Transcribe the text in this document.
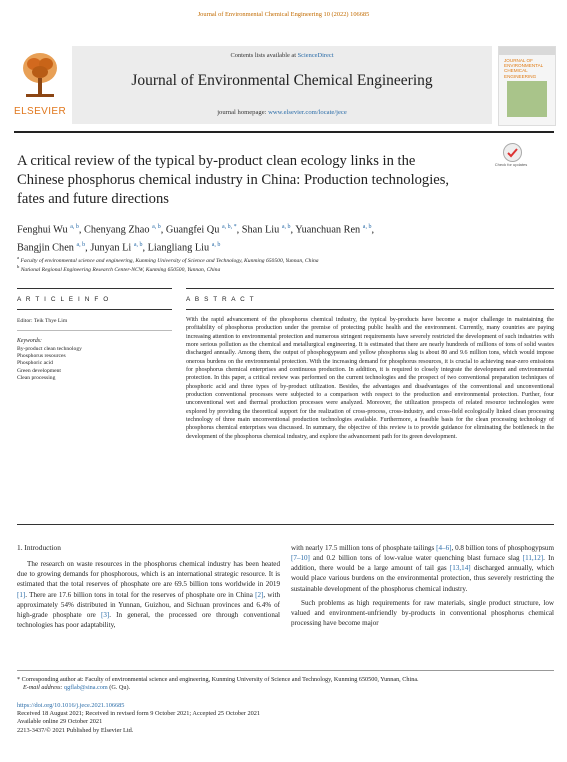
Journal of Environmental Chemical Engineering 10 (2022) 106685
ELSEVIER
Contents lists available at ScienceDirect
Journal of Environmental Chemical Engineering
journal homepage: www.elsevier.com/locate/jece
JOURNAL OF ENVIRONMENTAL CHEMICAL ENGINEERING
A critical review of the typical by-product clean ecology links in the
Chinese phosphorus chemical industry in China: Production technologies,
fates and future directions
Check for updates
Fenghui Wu $^{a, b}$, Chenyang Zhao $^{a, b}$, Guangfei Qu $^{a, b, *}$, Shan Liu $^{a, b}$, Yuanchuan Ren $^{a, b}$,
Bangjin Chen $^{a, b}$, Junyan Li $^{a, b}$, Liangliang Liu $^{a, b}$
$^a$ Faculty of environmental science and engineering, Kunming University of Science and Technology, Kunming 650500, Yunnan, China
$^b$ National Regional Engineering Research Center-NCW, Kunming 650500, Yunnan, China
A R T I C L E I N F O	A B S T R A C T
Editor: Teik Thye Lim
Keywords:
By-product clean technology
Phosphorus resources
Phosphoric acid
Green development
Clean processing
With the rapid advancement of the phosphorus chemical industry, the typical by-products have become a major challenge in maintaining the profitability of phosphorus production under the premise of protecting public health and the environment. Currently, many countries are paying increasing attention to environmental protection and numerous stringent requirements have severely restricted the development of such industries with more serious pollution as the chemical and metallurgical engineering. It is estimated that there are nearly hundreds of millions of tons of solid wastes discharged annually. Among them, the output of phosphogypsum and yellow phosphorus slag is about 80 and 9.6 million tons, which would impose onerous burdens on the environmental protection. With the increasing demand for phosphorus resources, it is crucial to achieving near-zero emissions for phosphorus chemical enterprises and continuous production. In addition, it is required to closely integrate the development and environmental protection. In this paper, a critical review was performed on the current technologies and the prospect of two conventional preparation techniques of phosphoric acid and three types of by-product utilization. Besides, the advantages and disadvantages of the conventional and unconventional production conventional processes were subjected to a comparison with respect to the production and environmental protection. Further, four unconventional wet and thermal production processes were analyzed. Moreover, the utilization prospects of related resource technologies were explored by providing the theoretical support for the realization of cross-process, cross-industry, and cross-field ecologically linked clean processing technology of three main unconventional production technologies available. Furthermore, a feasible basis for the clean processing technology of phosphorus chemical enterprises was discussed. In summary, the objective of this review is to provide guidance for eliminating the bottleneck in the development of the phosphorus chemical industry, and explore the advancement path for its green development.
1. Introduction
The research on waste resources in the phosphorus chemical industry has been heated due to growing demands for phosphorous, which is an international strategic resource. It is estimated that the total reserves of phosphate ore are 69.5 billion tons worldwide in 2019 [1]. There are 17.6 billion tons in total for the reserves of phosphate ore in China [2], with approximately 54% distributed in Yunnan, Guizhou, and Sichuan provinces and 6.4% of high-grade phosphate ore [3]. In general, the processed ore through conventional technologies has poor adaptability,
with nearly 17.5 million tons of phosphate tailings [4–6], 0.8 billion tons of phosphogypsum [7–10] and 0.2 billion tons of low-value water quenching blast furnace slag [11,12]. In addition, there would be a large amount of tail gas [13,14] discharged annually, which would place various burdens on the environmental protection, thus severely restricting the sustainable development of the phosphorus chemical industry.
Such problems as high requirements for raw materials, single product structure, low valued and environment-unfriendly by-products in conventional phosphorus chemical processing have become major
* Corresponding author at: Faculty of environmental science and engineering, Kunming University of Science and Technology, Kunming 650500, Yunnan, China.
E-mail address: qgflab@sina.com (G. Qu).
https://doi.org/10.1016/j.jece.2021.106685
Received 18 August 2021; Received in revised form 9 October 2021; Accepted 25 October 2021
Available online 29 October 2021
2213-3437/© 2021 Published by Elsevier Ltd.
